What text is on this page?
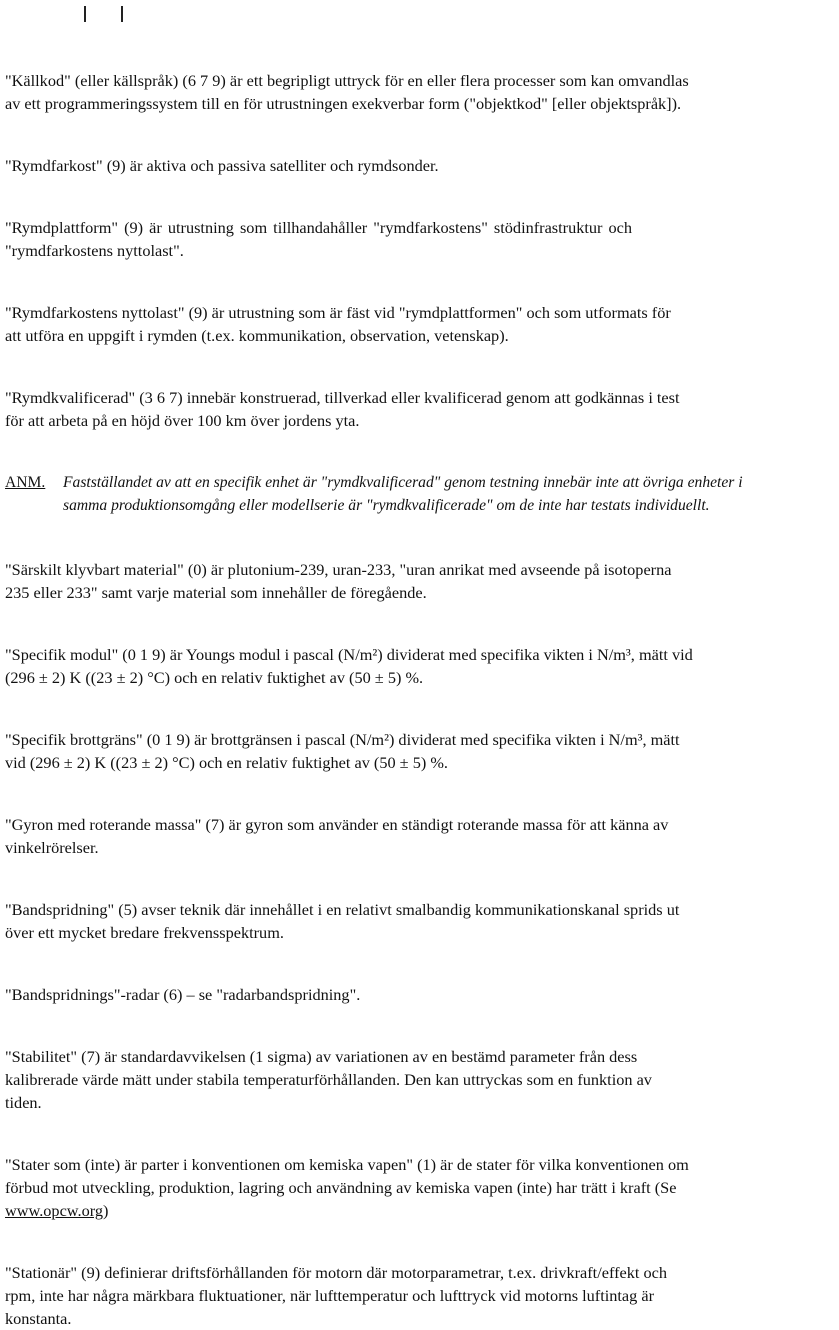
"Källkod" (eller källspråk) (6 7 9) är ett begripligt uttryck för en eller flera processer som kan omvandlas
av ett programmeringssystem till en för utrustningen exekverbar form ("objektkod" [eller objektspråk]).

"Rymdfarkost" (9) är aktiva och passiva satelliter och rymdsonder.

"Rymdplattform" (9) är utrustning som tillhandahåller "rymdfarkostens" stödinfrastruktur och
"rymdfarkostens nyttolast".

"Rymdfarkostens nyttolast" (9) är utrustning som är fäst vid "rymdplattformen" och som utformats för
att utföra en uppgift i rymden (t.ex. kommunikation, observation, vetenskap).

"Rymdkvalificerad" (3 6 7) innebär konstruerad, tillverkad eller kvalificerad genom att godkännas i test
för att arbeta på en höjd över 100 km över jordens yta.

ANM. Fastställandet av att en specifik enhet är "rymdkvalificerad" genom testning innebär inte att övriga enheter i
samma produktionsomgång eller modellserie är "rymdkvalificerade" om de inte har testats individuellt.

"Särskilt klyvbart material" (0) är plutonium-239, uran-233, "uran anrikat med avseende på isotoperna
235 eller 233" samt varje material som innehåller de föregående.

"Specifik modul" (0 1 9) är Youngs modul i pascal (N/m²) dividerat med specifika vikten i N/m³, mätt vid
(296 ± 2) K ((23 ± 2) °C) och en relativ fuktighet av (50 ± 5) %.

"Specifik brottgräns" (0 1 9) är brottgränsen i pascal (N/m²) dividerat med specifika vikten i N/m³, mätt
vid (296 ± 2) K ((23 ± 2) °C) och en relativ fuktighet av (50 ± 5) %.

"Gyron med roterande massa" (7) är gyron som använder en ständigt roterande massa för att känna av
vinkelrörelser.

"Bandspridning" (5) avser teknik där innehållet i en relativt smalbandig kommunikationskanal sprids ut
över ett mycket bredare frekvensspektrum.

"Bandspridnings"-radar (6) – se "radarbandspridning".

"Stabilitet" (7) är standardavvikelsen (1 sigma) av variationen av en bestämd parameter från dess
kalibrerade värde mätt under stabila temperaturförhållanden. Den kan uttryckas som en funktion av
tiden.

"Stater som (inte) är parter i konventionen om kemiska vapen" (1) är de stater för vilka konventionen om
förbud mot utveckling, produktion, lagring och användning av kemiska vapen (inte) har trätt i kraft (Se
www.opcw.org)

"Stationär" (9) definierar driftsförhållanden för motorn där motorparametrar, t.ex. drivkraft/effekt och
rpm, inte har några märkbara fluktuationer, när lufttemperatur och lufttryck vid motorns luftintag är
konstanta.
